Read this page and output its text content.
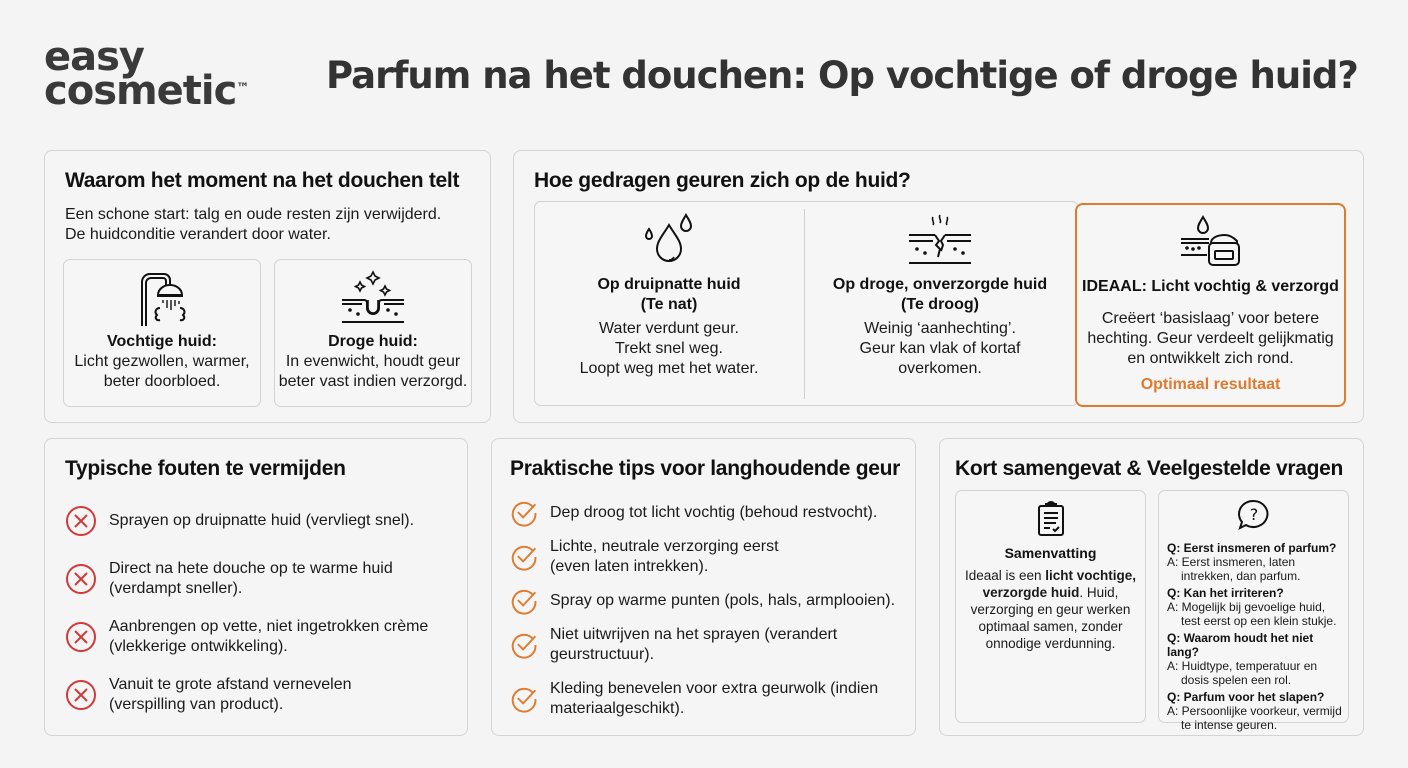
easy
cosmetic™ Parfum na het douchen: Op vochtige of droge huid?
Waarom het moment na het douchen telt
Een schone start: talg en oude resten zijn verwijderd.
De huidconditie verandert door water.
Vochtige huid:
Licht gezwollen, warmer,
beter doorbloed.
Droge huid:
In evenwicht, houdt geur
beter vast indien verzorgd.
Hoe gedragen geuren zich op de huid?
Op druipnatte huid
(Te nat)
Water verdunt geur.
Trekt snel weg.
Loopt weg met het water.
Op droge, onverzorgde huid
(Te droog)
Weinig ‘aanhechting’.
Geur kan vlak of kortaf
overkomen.
IDEAAL: Licht vochtig & verzorgd
Creëert ‘basislaag’ voor betere
hechting. Geur verdeelt gelijkmatig
en ontwikkelt zich rond.
Optimaal resultaat
Typische fouten te vermijden
Sprayen op druipnatte huid (vervliegt snel).
Direct na hete douche op te warme huid
(verdampt sneller).
Aanbrengen op vette, niet ingetrokken crème
(vlekkerige ontwikkeling).
Vanuit te grote afstand vernevelen
(verspilling van product).
Praktische tips voor langhoudende geur
Dep droog tot licht vochtig (behoud restvocht).
Lichte, neutrale verzorging eerst
(even laten intrekken).
Spray op warme punten (pols, hals, armplooien).
Niet uitwrijven na het sprayen (verandert
geurstructuur).
Kleding benevelen voor extra geurwolk (indien
materiaalgeschikt).
Kort samengevat & Veelgestelde vragen
Samenvatting
Ideaal is een licht vochtige, verzorgde huid. Huid, verzorging en geur werken optimaal samen, zonder onnodige verdunning.
?
Q: Eerst insmeren of parfum?
A: Eerst insmeren, laten intrekken, dan parfum.
Q: Kan het irriteren?
A: Mogelijk bij gevoelige huid, test eerst op een klein stukje.
Q: Waarom houdt het niet lang?
A: Huidtype, temperatuur en dosis spelen een rol.
Q: Parfum voor het slapen?
A: Persoonlijke voorkeur, vermijd te intense geuren.
